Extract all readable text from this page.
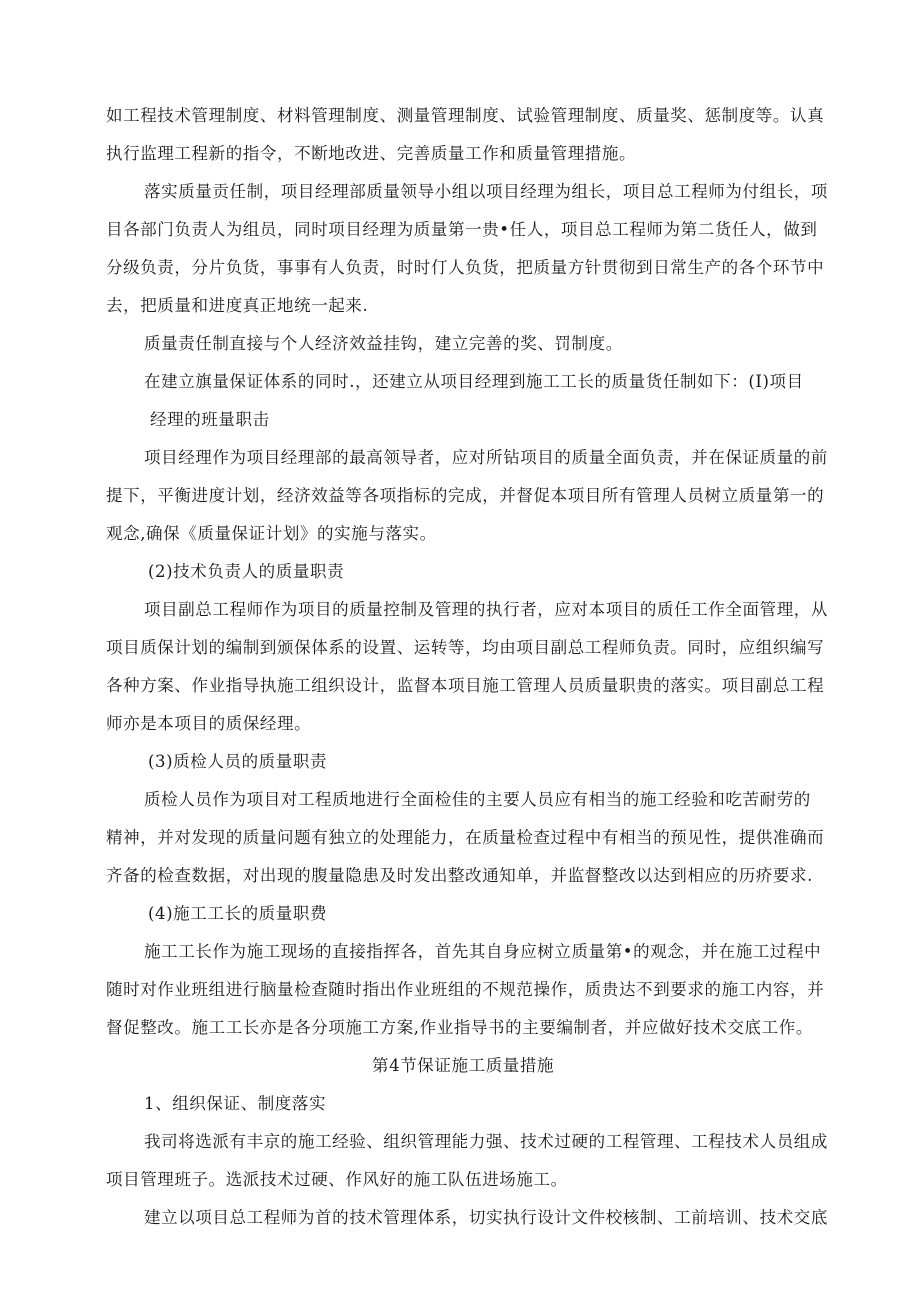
如工程技术管理制度、材料管理制度、测量管理制度、试验管理制度、质量奖、惩制度等。认真
执行监理工程新的指令，不断地改进、完善质量工作和质量管理措施。
落实质量贡任制，项目经理部质量领导小组以项目经理为组长，项目总工程师为付组长，项
目各部门负责人为组员，同时项目经理为质量第一贵•任人，项目总工程师为第二货任人，做到
分级负责，分片负货，事事有人负责，时时仃人负货，把质量方针贯彻到日常生产的各个环节中
去，把质量和进度真正地统一起来.
质量责任制直接与个人经济效益挂钩，建立完善的奖、罚制度。
在建立旗量保证体系的同时.，还建立从项目经理到施工工长的质量货任制如下：(I)项目
经理的班量职击
项目经理作为项目经理部的最高领导者，应对所钻项目的质量全面负责，并在保证质量的前
提下，平衡进度计划，经济效益等各项指标的完成，并督促本项目所有管理人员树立质量第一的
观念,确保《质量保证计划》的实施与落实。
(2)技术负责人的质量职责
项目副总工程师作为项目的质量控制及管理的执行者，应对本项目的质任工作全面管理，从
项目质保计划的编制到颁保体系的设置、运转等，均由项目副总工程师负责。同时，应组织编写
各种方案、作业指导执施工组织设计，监督本项目施工管理人员质量职贵的落实。项目副总工程
师亦是本项目的质保经理。
(3)质检人员的质量职责
质检人员作为项目对工程质地进行全面检佳的主要人员应有相当的施工经验和吃苦耐劳的
精神，并对发现的质量问题有独立的处理能力，在质量检查过程中有相当的预见性，提供准确而
齐备的检查数据，对出现的腹量隐患及时发出整改通知单，并监督整改以达到相应的历疥要求.
(4)施工工长的质量职费
施工工长作为施工现场的直接指挥各，首先其自身应树立质量第•的观念，并在施工过程中
随时对作业班组进行脑量检查随时指出作业班组的不规范操作，质贵达不到要求的施工内容，并
督促整改。施工工长亦是各分项施工方案,作业指导书的主要编制者，并应做好技术交底工作。
第4节保证施工质量措施
1、组织保证、制度落实
我司将选派有丰京的施工经验、组织管理能力强、技术过硬的工程管理、工程技术人员组成
项目管理班子。选派技术过硬、作风好的施工队伍进场施工。
建立以项目总工程师为首的技术管理体系，切实执行设计文件校核制、工前培训、技术交底
